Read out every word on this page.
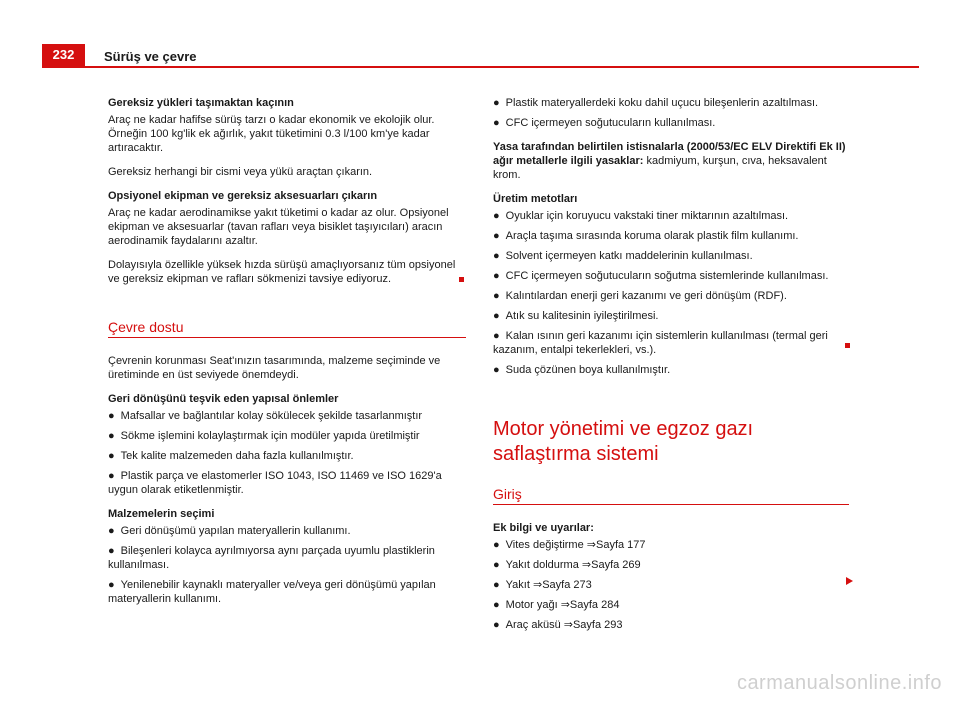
232	Sürüş ve çevre
Gereksiz yükleri taşımaktan kaçının
Araç ne kadar hafifse sürüş tarzı o kadar ekonomik ve ekolojik olur. Örneğin 100 kg'lik ek ağırlık, yakıt tüketimini 0.3 l/100 km'ye kadar artıracaktır.
Gereksiz herhangi bir cismi veya yükü araçtan çıkarın.
Opsiyonel ekipman ve gereksiz aksesuarları çıkarın
Araç ne kadar aerodinamikse yakıt tüketimi o kadar az olur. Opsiyonel ekipman ve aksesuarlar (tavan rafları veya bisiklet taşıyıcıları) aracın aerodinamik faydalarını azaltır.
Dolayısıyla özellikle yüksek hızda sürüşü amaçlıyorsanız tüm opsiyonel ve gereksiz ekipman ve rafları sökmenizi tavsiye ediyoruz.
Çevre dostu
Çevrenin korunması Seat'ınızın tasarımında, malzeme seçiminde ve üretiminde en üst seviyede önemdeydi.
Geri dönüşünü teşvik eden yapısal önlemler
● Mafsallar ve bağlantılar kolay sökülecek şekilde tasarlanmıştır
● Sökme işlemini kolaylaştırmak için modüler yapıda üretilmiştir
● Tek kalite malzemeden daha fazla kullanılmıştır.
● Plastik parça ve elastomerler ISO 1043, ISO 11469 ve ISO 1629'a uygun olarak etiketlenmiştir.
Malzemelerin seçimi
● Geri dönüşümü yapılan materyallerin kullanımı.
● Bileşenleri kolayca ayrılmıyorsa aynı parçada uyumlu plastiklerin kullanılması.
● Yenilenebilir kaynaklı materyaller ve/veya geri dönüşümü yapılan materyallerin kullanımı.
● Plastik materyallerdeki koku dahil uçucu bileşenlerin azaltılması.
● CFC içermeyen soğutucuların kullanılması.
Yasa tarafından belirtilen istisnalarla (2000/53/EC ELV Direktifi Ek II) ağır metallerle ilgili yasaklar: kadmiyum, kurşun, cıva, heksavalent krom.
Üretim metotları
● Oyuklar için koruyucu vakstaki tiner miktarının azaltılması.
● Araçla taşıma sırasında koruma olarak plastik film kullanımı.
● Solvent içermeyen katkı maddelerinin kullanılması.
● CFC içermeyen soğutucuların soğutma sistemlerinde kullanılması.
● Kalıntılardan enerji geri kazanımı ve geri dönüşüm (RDF).
● Atık su kalitesinin iyileştirilmesi.
● Kalan ısının geri kazanımı için sistemlerin kullanılması (termal geri kazanım, entalpi tekerlekleri, vs.).
● Suda çözünen boya kullanılmıştır.
Motor yönetimi ve egzoz gazı saflaştırma sistemi
Giriş
Ek bilgi ve uyarılar:
● Vites değiştirme ⇒Sayfa 177
● Yakıt doldurma ⇒Sayfa 269
● Yakıt ⇒Sayfa 273
● Motor yağı ⇒Sayfa 284
● Araç aküsü ⇒Sayfa 293
carmanualsonline.info
